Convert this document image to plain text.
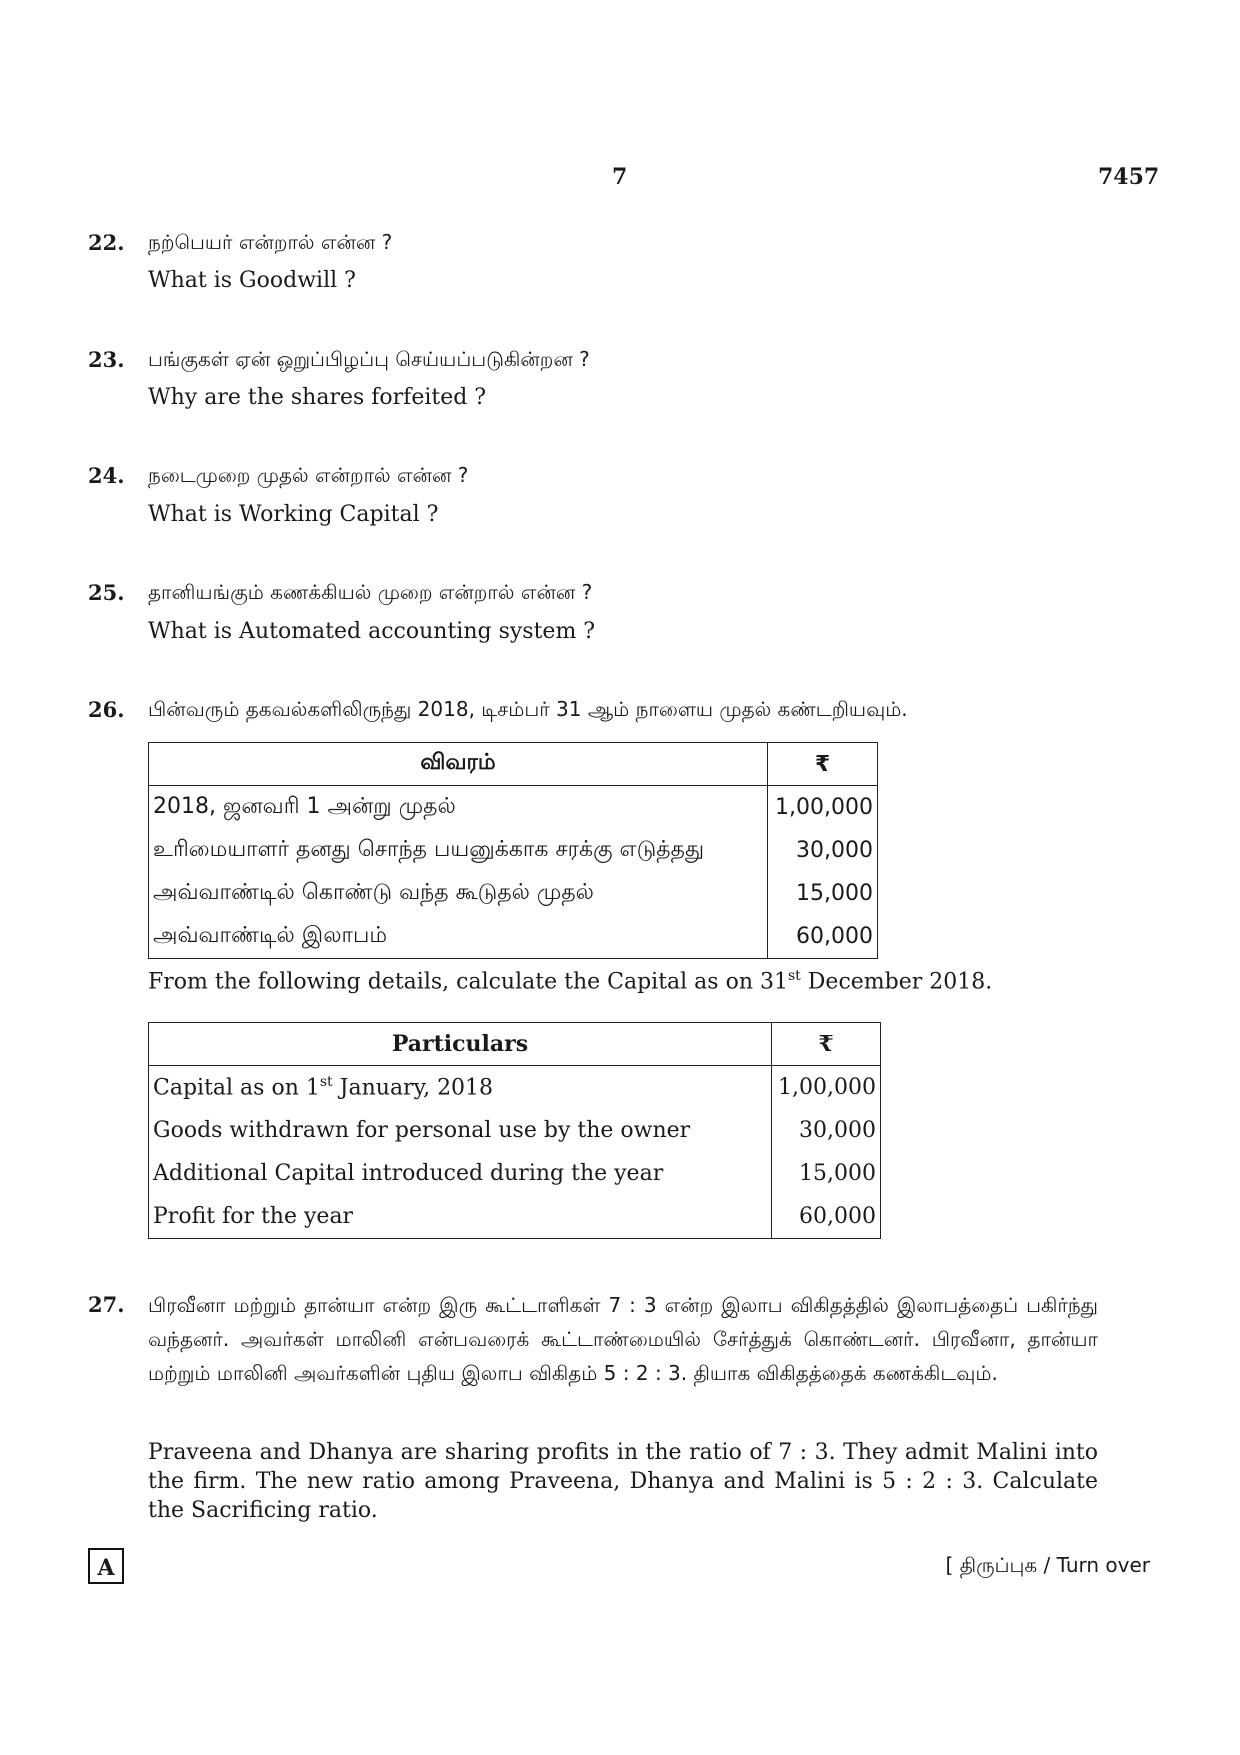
7	7457
22. நற்பெயர் என்றால் என்ன ?
What is Goodwill ?
23. பங்குகள் ஏன் ஒறுப்பிழப்பு செய்யப்படுகின்றன ?
Why are the shares forfeited ?
24. நடைமுறை முதல் என்றால் என்ன ?
What is Working Capital ?
25. தானியங்கும் கணக்கியல் முறை என்றால் என்ன ?
What is Automated accounting system ?
26. பின்வரும் தகவல்களிலிருந்து 2018, டிசம்பர் 31 ஆம் நாளைய முதல் கண்டறியவும்.
விவரம்	₹
2018, ஜனவரி 1 அன்று முதல்	1,00,000
உரிமையாளர் தனது சொந்த பயனுக்காக சரக்கு எடுத்தது	30,000
அவ்வாண்டில் கொண்டு வந்த கூடுதல் முதல்	15,000
அவ்வாண்டில் இலாபம்	60,000
From the following details, calculate the Capital as on 31st December 2018.
Particulars	₹
Capital as on 1st January, 2018	1,00,000
Goods withdrawn for personal use by the owner	30,000
Additional Capital introduced during the year	15,000
Profit for the year	60,000
27. பிரவீனா மற்றும் தான்யா என்ற இரு கூட்டாளிகள் 7 : 3 என்ற இலாப விகிதத்தில் இலாபத்தைப் பகிர்ந்து வந்தனர். அவர்கள் மாலினி என்பவரைக் கூட்டாண்மையில் சேர்த்துக் கொண்டனர். பிரவீனா, தான்யா மற்றும் மாலினி அவர்களின் புதிய இலாப விகிதம் 5 : 2 : 3. தியாக விகிதத்தைக் கணக்கிடவும்.
Praveena and Dhanya are sharing profits in the ratio of 7 : 3. They admit Malini into the firm. The new ratio among Praveena, Dhanya and Malini is 5 : 2 : 3. Calculate the Sacrificing ratio.
A	[ திருப்புக / Turn over
